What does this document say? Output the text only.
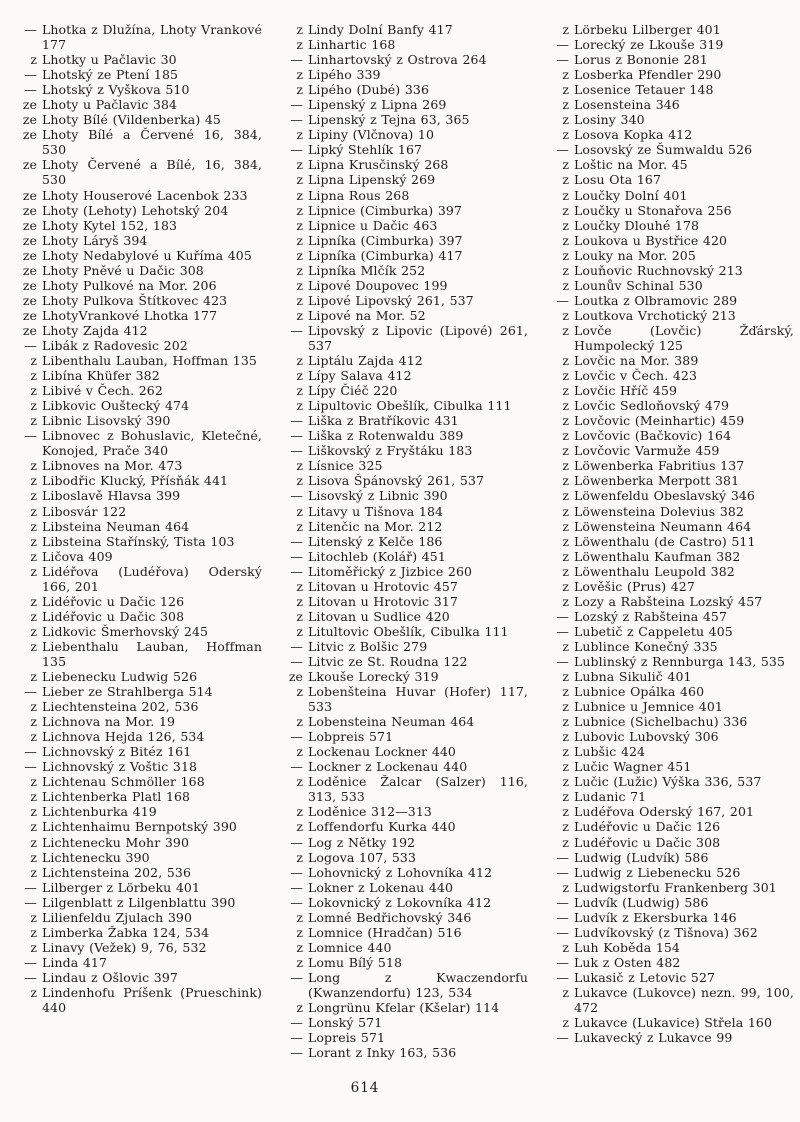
— Lhotka z Dlužína, Lhoty Vrankové 177
z Lhotky u Pačlavic 30
— Lhotský ze Ptení 185
— Lhotský z Vyškova 510
ze Lhoty u Pačlavic 384
ze Lhoty Bílé (Vildenberka) 45
ze Lhoty Bílé a Červené 16, 384, 530
ze Lhoty Červené a Bílé, 16, 384, 530
ze Lhoty Houserové Lacenbok 233
ze Lhoty (Lehoty) Lehotský 204
ze Lhoty Kytel 152, 183
ze Lhoty Láryš 394
ze Lhoty Nedabylové u Kuříma 405
ze Lhoty Pněvé u Dačic 308
ze Lhoty Pulkové na Mor. 206
ze Lhoty Pulkova Štítkovec 423
ze LhotyVrankové Lhotka 177
ze Lhoty Zajda 412
— Libák z Radovesic 202
z Libenthalu Lauban, Hoffman 135
z Libína Khüfer 382
z Libivé v Čech. 262
z Libkovic Ouštecký 474
z Libnic Lisovský 390
— Libnovec z Bohuslavic, Kletečné, Konojed, Prače 340
z Libnoves na Mor. 473
z Libodřic Klucký, Přísňák 441
z Liboslavě Hlavsa 399
z Libosvár 122
z Libsteina Neuman 464
z Libsteina Stařínský, Tista 103
z Ličova 409
z Lidéřova (Ludéřova) Oderský 166, 201
z Lidéřovic u Dačic 126
z Lidéřovic u Dačic 308
z Lidkovic Šmerhovský 245
z Liebenthalu Lauban, Hoffman 135
z Liebenecku Ludwig 526
— Lieber ze Strahlberga 514
z Liechtensteina 202, 536
z Lichnova na Mor. 19
z Lichnova Hejda 126, 534
— Lichnovský z Bitéz 161
— Lichnovský z Voštic 318
z Lichtenau Schmöller 168
z Lichtenberka Platl 168
z Lichtenburka 419
z Lichtenhaimu Bernpotský 390
z Lichtenecku Mohr 390
z Lichtenecku 390
z Lichtensteina 202, 536
— Lilberger z Lörbeku 401
— Lilgenblatt z Lilgenblattu 390
z Lilienfeldu Zjulach 390
z Limberka Žabka 124, 534
z Linavy (Vežek) 9, 76, 532
— Linda 417
— Lindau z Ošlovic 397
z Lindenhofu Príšenk (Prueschink) 440
z Lindy Dolní Banfy 417
z Linhartic 168
— Linhartovský z Ostrova 264
z Lipého 339
z Lipého (Dubé) 336
— Lipenský z Lipna 269
— Lipenský z Tejna 63, 365
z Lipiny (Vlčnova) 10
— Lipký Stehlík 167
z Lipna Krusčinský 268
z Lipna Lipenský 269
z Lipna Rous 268
z Lipnice (Cimburka) 397
z Lipnice u Dačic 463
z Lipníka (Cimburka) 397
z Lipníka (Cimburka) 417
z Lipníka Mlčík 252
z Lipové Doupovec 199
z Lipové Lipovský 261, 537
z Lipové na Mor. 52
— Lipovský z Lipovic (Lipové) 261, 537
z Liptálu Zajda 412
z Lípy Salava 412
z Lípy Čiéč 220
z Lipultovic Obešlík, Cibulka 111
— Liška z Bratříkovic 431
— Liška z Rotenwaldu 389
— Liškovský z Fryštáku 183
z Lísnice 325
z Lisova Špánovský 261, 537
— Lisovský z Libnic 390
z Litavy u Tišnova 184
z Litenčic na Mor. 212
— Litenský z Kelče 186
— Litochleb (Kolář) 451
— Litoměřický z Jizbice 260
z Litovan u Hrotovic 457
z Litovan u Hrotovic 317
z Litovan u Sudlice 420
z Litultovic Obešlík, Cibulka 111
— Litvic z Bolšic 279
— Litvic ze St. Roudna 122
ze Lkouše Lorecký 319
z Lobenšteina Huvar (Hofer) 117, 533
z Lobensteina Neuman 464
— Lobpreis 571
z Lockenau Lockner 440
— Lockner z Lockenau 440
z Loděnice Žalcar (Salzer) 116, 313, 533
z Loděnice 312—313
z Loffendorfu Kurka 440
— Log z Nětky 192
z Logova 107, 533
— Lohovnický z Lohovníka 412
— Lokner z Lokenau 440
— Lokovnický z Lokovníka 412
z Lomné Bedřichovský 346
z Lomnice (Hradčan) 516
z Lomnice 440
z Lomu Bílý 518
— Long z Kwaczendorfu (Kwanzendorfu) 123, 534
z Longrünu Kfelar (Kšelar) 114
— Lonský 571
— Lopreis 571
— Lorant z Inky 163, 536
z Lörbeku Lilberger 401
— Lorecký ze Lkouše 319
— Lorus z Bononie 281
z Losberka Pfendler 290
z Losenice Tetauer 148
z Losensteina 346
z Losiny 340
z Losova Kopka 412
— Losovský ze Šumwaldu 526
z Loštic na Mor. 45
z Losu Ota 167
z Loučky Dolní 401
z Loučky u Stonařova 256
z Loučky Dlouhé 178
z Loukova u Bystřice 420
z Louky na Mor. 205
z Louňovic Ruchnovský 213
z Lounův Schinal 530
— Loutka z Olbramovic 289
z Loutkova Vrchotický 213
z Lovče (Lovčic) Žďárský, Humpolecký 125
z Lovčic na Mor. 389
z Lovčic v Čech. 423
z Lovčic Hříč 459
z Lovčic Sedloňovský 479
z Lovčovic (Meinhartic) 459
z Lovčovic (Bačkovic) 164
z Lovčovic Varmuže 459
z Löwenberka Fabritius 137
z Löwenberka Merpott 381
z Löwenfeldu Obeslavský 346
z Löwensteina Dolevius 382
z Löwensteina Neumann 464
z Löwenthalu (de Castro) 511
z Löwenthalu Kaufman 382
z Löwenthalu Leupold 382
z Lověšic (Prus) 427
z Lozy a Rabšteina Lozský 457
— Lozský z Rabšteina 457
— Lubetič z Cappeletu 405
z Lublince Konečný 335
— Lublinský z Rennburga 143, 535
z Lubna Sikulič 401
z Lubnice Opálka 460
z Lubnice u Jemnice 401
z Lubnice (Sichelbachu) 336
z Lubovic Lubovský 306
z Lubšic 424
z Lučic Wagner 451
z Lučic (Lužic) Výška 336, 537
z Ludanic 71
z Ludéřova Oderský 167, 201
z Ludéřovic u Dačic 126
z Ludéřovic u Dačic 308
— Ludwig (Ludvík) 586
— Ludwig z Liebenecku 526
z Ludwigstorfu Frankenberg 301
— Ludvík (Ludwig) 586
— Ludvík z Ekersburka 146
— Ludvíkovský (z Tišnova) 362
z Luh Koběda 154
— Luk z Osten 482
— Lukasič z Letovic 527
z Lukavce (Lukovce) nezn. 99, 100, 472
z Lukavce (Lukavice) Střela 160
— Lukavecký z Lukavce 99
614
